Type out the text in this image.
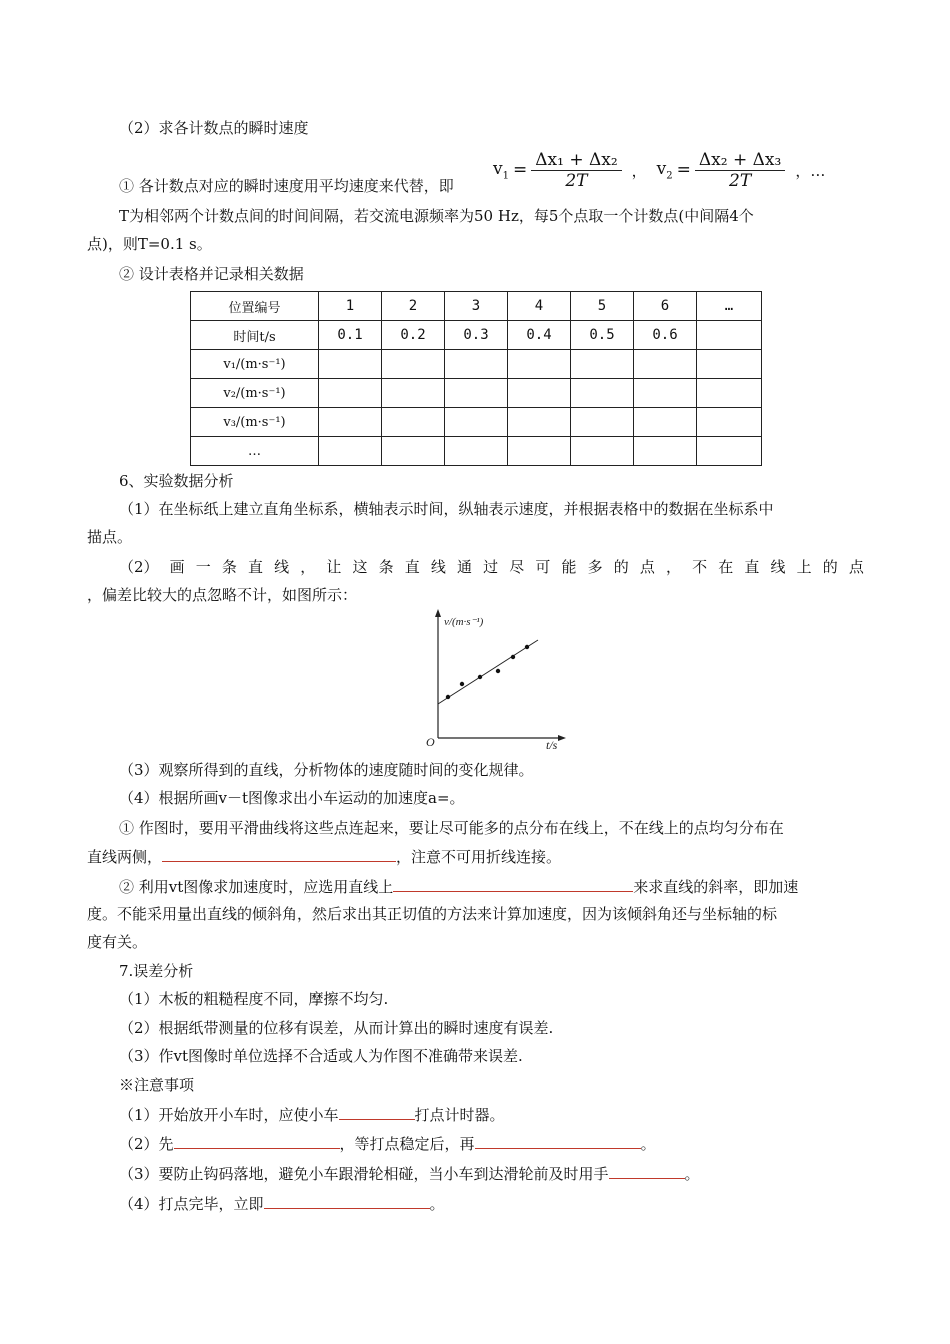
（2）求各计数点的瞬时速度
① 各计数点对应的瞬时速度用平均速度来代替，即
$v_1 = \frac{\text{Δx₁ + Δx₂}}{2T}$ ， $v_2 = \frac{\text{Δx₂ + Δx₃}}{2T}$ ，…
T为相邻两个计数点间的时间间隔，若交流电源频率为50 Hz，每5个点取一个计数点(中间隔4个
点)，则T=0.1 s。
② 设计表格并记录相关数据
位置编号	1	2	3	4	5	6	…
时间t/s	0.1	0.2	0.3	0.4	0.5	0.6	
v₁/(m·s⁻¹)							
v₂/(m·s⁻¹)							
v₃/(m·s⁻¹)							
…							
6、实验数据分析
（1）在坐标纸上建立直角坐标系，横轴表示时间，纵轴表示速度，并根据表格中的数据在坐标系中
描点。
（2） 画 一 条 直 线 ， 让 这 条 直 线 通 过 尽 可 能 多 的 点 ， 不 在 直 线 上 的 点
，偏差比较大的点忽略不计，如图所示：
v/(m·s⁻¹)
t/s
O
（3）观察所得到的直线，分析物体的速度随时间的变化规律。
（4）根据所画v－t图像求出小车运动的加速度a=。
① 作图时，要用平滑曲线将这些点连起来，要让尽可能多的点分布在线上，不在线上的点均匀分布在
直线两侧，	，注意不可用折线连接。
② 利用vt图像求加速度时，应选用直线上	来求直线的斜率，即加速
度。不能采用量出直线的倾斜角，然后求出其正切值的方法来计算加速度，因为该倾斜角还与坐标轴的标
度有关。
7.误差分析
（1）木板的粗糙程度不同，摩擦不均匀.
（2）根据纸带测量的位移有误差，从而计算出的瞬时速度有误差.
（3）作vt图像时单位选择不合适或人为作图不准确带来误差.
※注意事项
（1）开始放开小车时，应使小车	打点计时器。
（2）先	，等打点稳定后，再	。
（3）要防止钩码落地，避免小车跟滑轮相碰，当小车到达滑轮前及时用手	。
（4）打点完毕，立即	。
